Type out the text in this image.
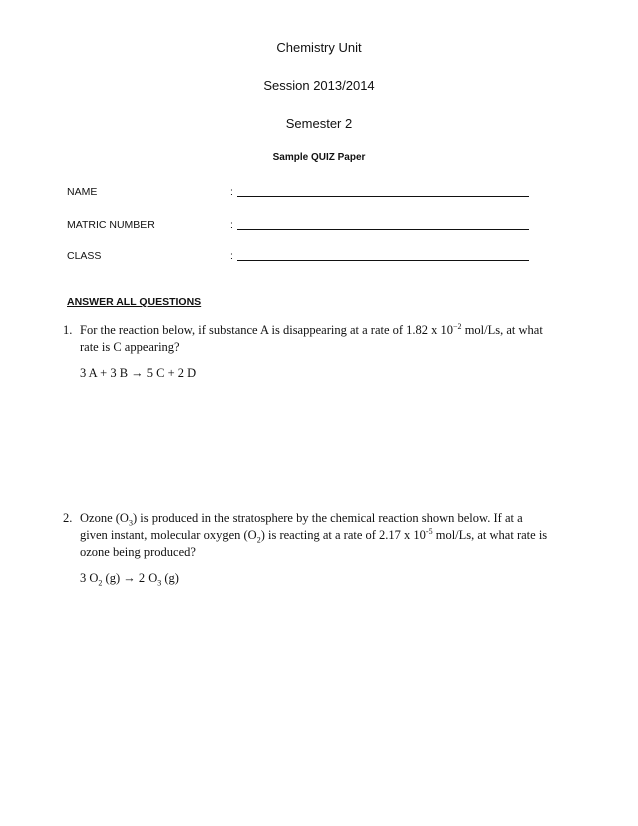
Chemistry Unit
Session 2013/2014
Semester 2
Sample QUIZ Paper
NAME	:
MATRIC NUMBER	:
CLASS	:
ANSWER ALL QUESTIONS
1. For the reaction below, if substance A is disappearing at a rate of 1.82 x $10^{-2}$ mol/Ls, at what rate is C appearing?
3 A + 3 B → 5 C + 2 D
2. Ozone $(O_3)$ is produced in the stratosphere by the chemical reaction shown below. If at a given instant, molecular oxygen $(O_2)$ is reacting at a rate of 2.17 x $10^{-5}$ mol/Ls, at what rate is ozone being produced?
3 $O_2$ (g) → 2 $O_3$ (g)
